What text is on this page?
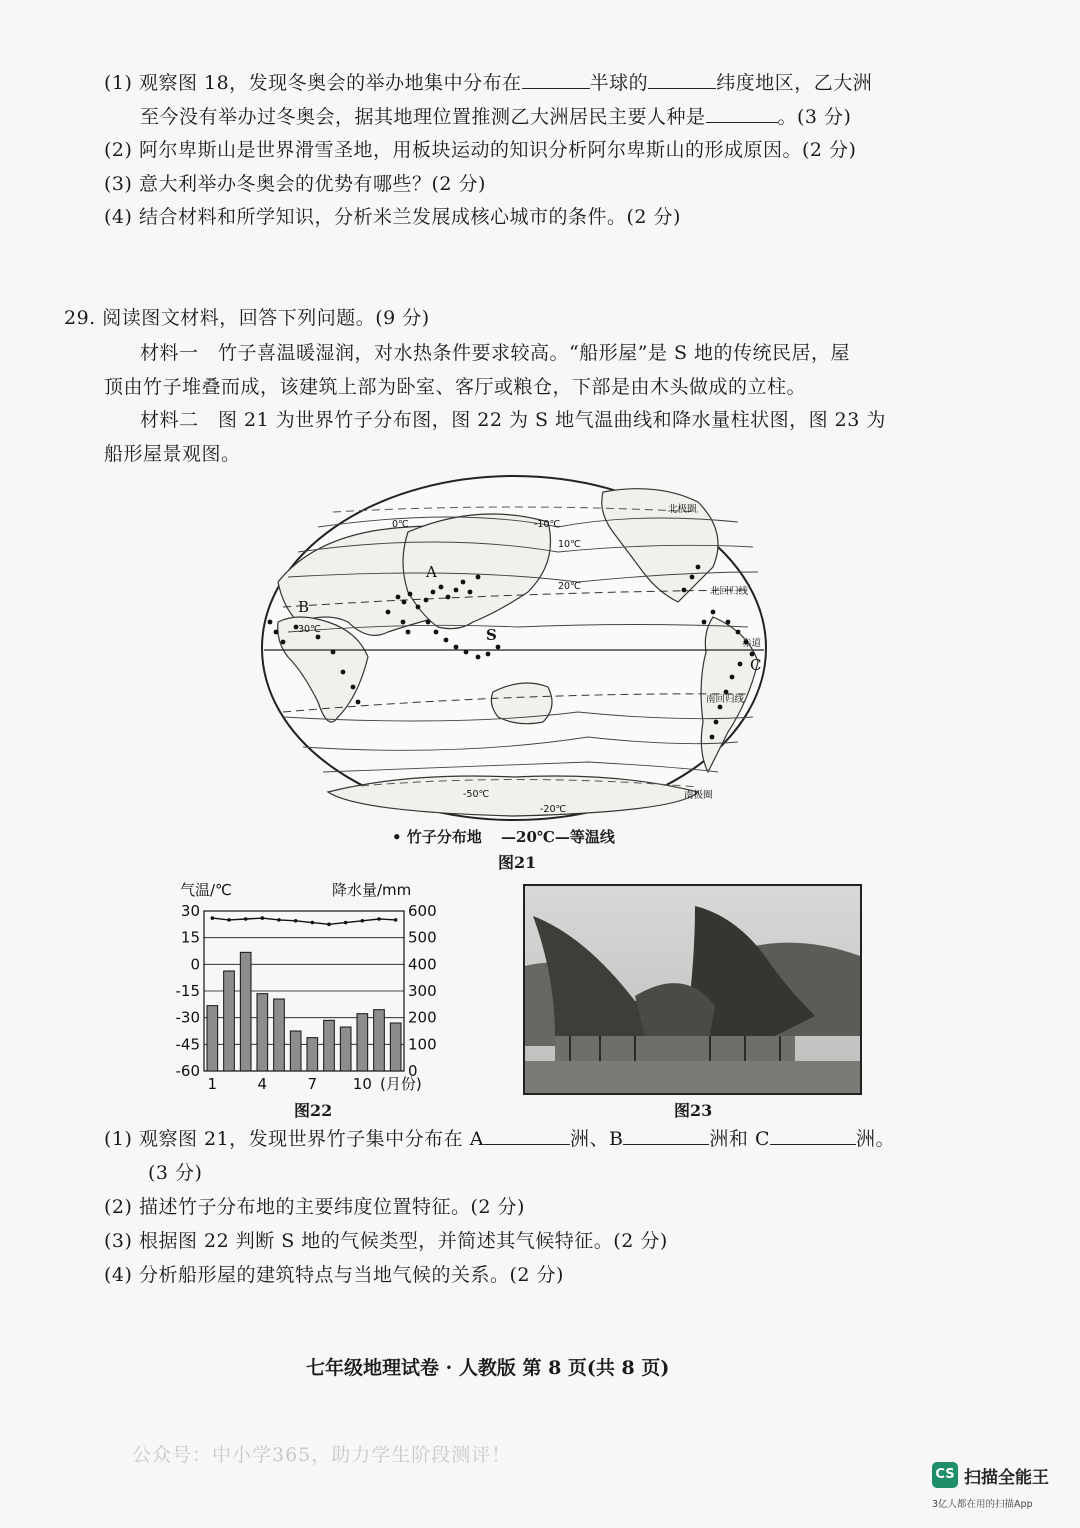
(1) 观察图 18，发现冬奥会的举办地集中分布在	半球的	纬度地区，乙大洲
至今没有举办过冬奥会，据其地理位置推测乙大洲居民主要人种是	。(3 分)
(2) 阿尔卑斯山是世界滑雪圣地，用板块运动的知识分析阿尔卑斯山的形成原因。(2 分)
(3) 意大利举办冬奥会的优势有哪些？(2 分)
(4) 结合材料和所学知识，分析米兰发展成核心城市的条件。(2 分)
29. 阅读图文材料，回答下列问题。(9 分)
材料一　竹子喜温暖湿润，对水热条件要求较高。“船形屋”是 S 地的传统民居，屋
顶由竹子堆叠而成，该建筑上部为卧室、客厅或粮仓，下部是由木头做成的立柱。
材料二　图 21 为世界竹子分布图，图 22 为 S 地气温曲线和降水量柱状图，图 23 为
船形屋景观图。
A
B
C
S
北极圈
北回归线
赤道
南回归线
南极圈
-10℃
0℃
10℃
20℃
30℃
-50℃
-20℃
• 竹子分布地 —20℃—等温线
图21
气温/℃	降水量/mm
30
15
0
-15
-30
-45
-60
600
500
400
300
200
100
0
1	4	7 10 (月份)
图22	图23
(1) 观察图 21，发现世界竹子集中分布在 A	洲、B	洲和 C	洲。
(3 分)
(2) 描述竹子分布地的主要纬度位置特征。(2 分)
(3) 根据图 22 判断 S 地的气候类型，并简述其气候特征。(2 分)
(4) 分析船形屋的建筑特点与当地气候的关系。(2 分)
七年级地理试卷 · 人教版 第 8 页(共 8 页)
公众号：中小学365，助力学生阶段测评！
CS 扫描全能王
3亿人都在用的扫描App
